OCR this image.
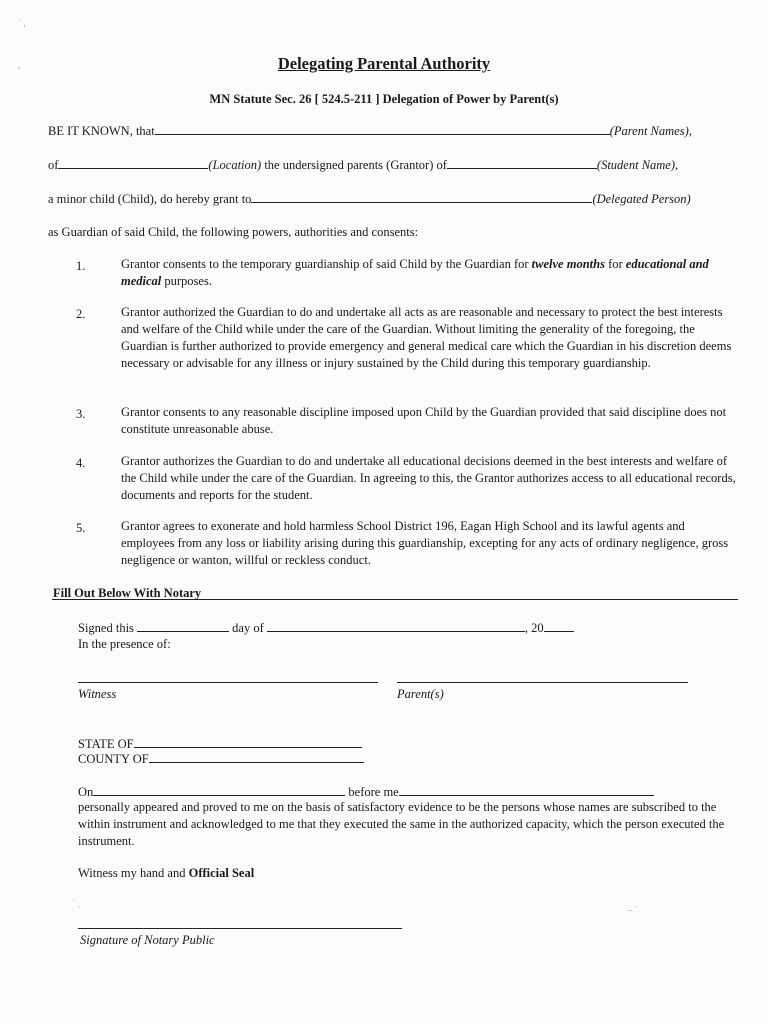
Delegating Parental Authority
MN Statute Sec. 26 [ 524.5-211 ] Delegation of Power by Parent(s)
BE IT KNOWN, that	(Parent Names),
of	(Location) the undersigned parents (Grantor) of	(Student Name),
a minor child (Child), do hereby grant to	(Delegated Person)
as Guardian of said Child, the following powers, authorities and consents:
1.	Grantor consents to the temporary guardianship of said Child by the Guardian for twelve months for educational and medical purposes.
2.	Grantor authorized the Guardian to do and undertake all acts as are reasonable and necessary to protect the best interests and welfare of the Child while under the care of the Guardian. Without limiting the generality of the foregoing, the Guardian is further authorized to provide emergency and general medical care which the Guardian in his discretion deems necessary or advisable for any illness or injury sustained by the Child during this temporary guardianship.
3.	Grantor consents to any reasonable discipline imposed upon Child by the Guardian provided that said discipline does not constitute unreasonable abuse.
4.	Grantor authorizes the Guardian to do and undertake all educational decisions deemed in the best interests and welfare of the Child while under the care of the Guardian. In agreeing to this, the Grantor authorizes access to all educational records, documents and reports for the student.
5.	Grantor agrees to exonerate and hold harmless School District 196, Eagan High School and its lawful agents and employees from any loss or liability arising during this guardianship, excepting for any acts of ordinary negligence, gross negligence or wanton, willful or reckless conduct.
Fill Out Below With Notary
Signed this	day of	, 20
In the presence of:
Witness	Parent(s)
STATE OF
COUNTY OF
On	before me
personally appeared and proved to me on the basis of satisfactory evidence to be the persons whose names are subscribed to the within instrument and acknowledged to me that they executed the same in the authorized capacity, which the person executed the instrument.
Witness my hand and Official Seal
Signature of Notary Public
˙ ,
,
˙ ˏ
‒ ˙
